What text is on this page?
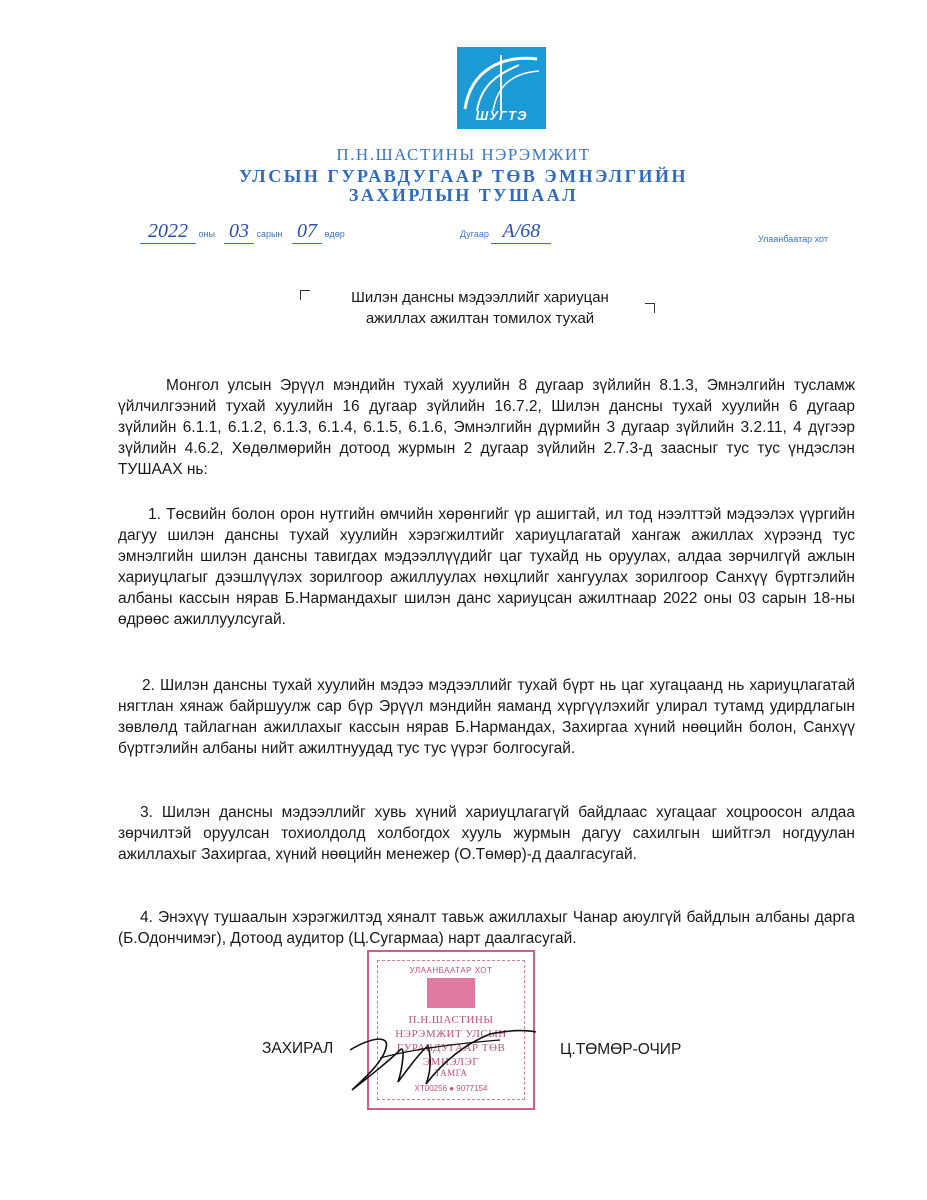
ШУГТЭ
П.Н.ШАСТИНЫ НЭРЭМЖИТ
УЛСЫН ГУРАВДУГААР ТӨВ ЭМНЭЛГИЙН
ЗАХИРЛЫН ТУШААЛ
2022 оны 03 сарын 07 өдөр	Дугаар А/68	Улаанбаатар хот
Шилэн дансны мэдээллийг хариуцан
ажиллах ажилтан томилох тухай
Монгол улсын Эрүүл мэндийн тухай хуулийн 8 дугаар зүйлийн 8.1.3, Эмнэлгийн тусламж үйлчилгээний тухай хуулийн 16 дугаар зүйлийн 16.7.2, Шилэн дансны тухай хуулийн 6 дугаар зүйлийн 6.1.1, 6.1.2, 6.1.3, 6.1.4, 6.1.5, 6.1.6, Эмнэлгийн дүрмийн 3 дугаар зүйлийн 3.2.11, 4 дүгээр зүйлийн 4.6.2, Хөдөлмөрийн дотоод журмын 2 дугаар зүйлийн 2.7.3-д заасныг тус тус үндэслэн ТУШААХ нь:
1. Төсвийн болон орон нутгийн өмчийн хөрөнгийг үр ашигтай, ил тод нээлттэй мэдээлэх үүргийн дагуу шилэн дансны тухай хуулийн хэрэгжилтийг хариуцлагатай хангаж ажиллах хүрээнд тус эмнэлгийн шилэн дансны тавигдах мэдээллүүдийг цаг тухайд нь оруулах, алдаа зөрчилгүй ажлын хариуцлагыг дээшлүүлэх зорилгоор ажиллуулах нөхцлийг хангуулах зорилгоор Санхүү бүртгэлийн албаны кассын нярав Б.Нармандахыг шилэн данс хариуцсан ажилтнаар 2022 оны 03 сарын 18-ны өдрөөс ажиллуулсугай.
2. Шилэн дансны тухай хуулийн мэдээ мэдээллийг тухай бүрт нь цаг хугацаанд нь хариуцлагатай нягтлан хянаж байршуулж сар бүр Эрүүл мэндийн яаманд хүргүүлэхийг улирал тутамд удирдлагын зөвлөлд тайлагнан ажиллахыг кассын нярав Б.Нармандах, Захиргаа хүний нөөцийн болон, Санхүү бүртгэлийн албаны нийт ажилтнуудад тус тус үүрэг болгосугай.
3. Шилэн дансны мэдээллийг хувь хүний хариуцлагагүй байдлаас хугацааг хоцроосон алдаа зөрчилтэй оруулсан тохиолдолд холбогдох хууль журмын дагуу сахилгын шийтгэл ногдуулан ажиллахыг Захиргаа, хүний нөөцийн менежер (О.Төмөр)-д даалгасугай.
4. Энэхүү тушаалын хэрэгжилтэд хяналт тавьж ажиллахыг Чанар аюулгүй байдлын албаны дарга (Б.Одончимэг), Дотоод аудитор (Ц.Сугармаа) нарт даалгасугай.
УЛААНБААТАР ХОТ
П.Н.ШАСТИНЫ
НЭРЭМЖИТ УЛСЫН
ГУРАВДУГААР ТӨВ
ЭМНЭЛЭГ
ТАМГА
ХТ00256 ● 9077154
ЗАХИРАЛ	Ц.ТӨМӨР-ОЧИР
